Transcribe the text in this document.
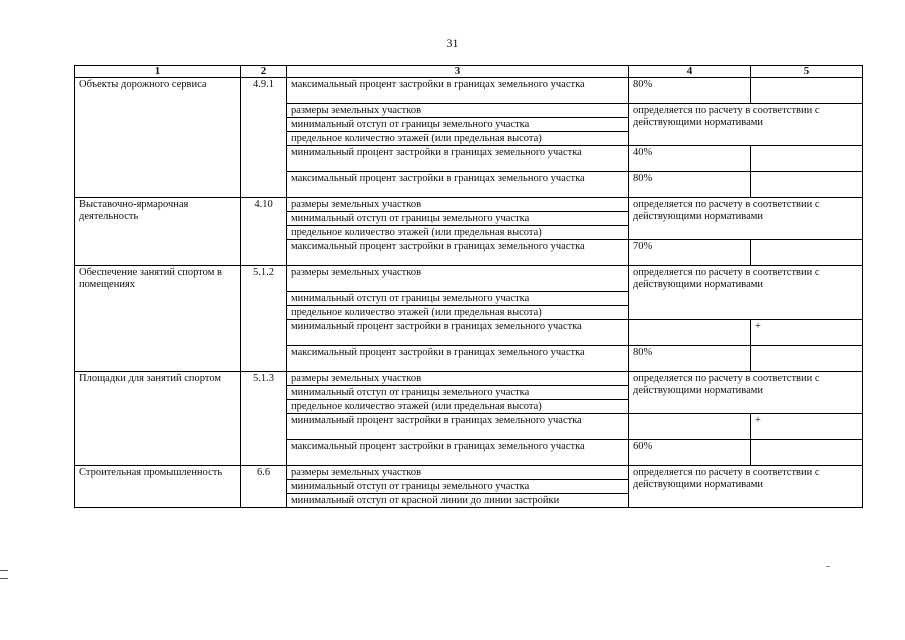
31
1	2	3	4	5
Объекты дорожного сервиса	4.9.1	максимальный процент застройки в границах земельного участка	80%	
		размеры земельных участков	определяется по расчету в соответствии с действующими нормативами	
		минимальный отступ от границы земельного участка		
		предельное количество этажей (или предельная высота)		
		минимальный процент застройки в границах земельного участка	40%	
		максимальный процент застройки в границах земельного участка	80%	
Выставочно-ярмарочная деятельность	4.10	размеры земельных участков	определяется по расчету в соответствии с действующими нормативами	
		минимальный отступ от границы земельного участка		
		предельное количество этажей (или предельная высота)		
		максимальный процент застройки в границах земельного участка	70%	
Обеспечение занятий спортом в помещениях	5.1.2	размеры земельных участков	определяется по расчету в соответствии с действующими нормативами	
		минимальный отступ от границы земельного участка		
		предельное количество этажей (или предельная высота)		
		минимальный процент застройки в границах земельного участка		+
		максимальный процент застройки в границах земельного участка	80%	
Площадки для занятий спортом	5.1.3	размеры земельных участков	определяется по расчету в соответствии с действующими нормативами	
		минимальный отступ от границы земельного участка		
		предельное количество этажей (или предельная высота)		
		минимальный процент застройки в границах земельного участка		+
		максимальный процент застройки в границах земельного участка	60%	
Строительная промышленность	6.6	размеры земельных участков	определяется по расчету в соответствии с действующими нормативами	
		минимальный отступ от границы земельного участка		
		минимальный отступ от красной линии до линии застройки		
